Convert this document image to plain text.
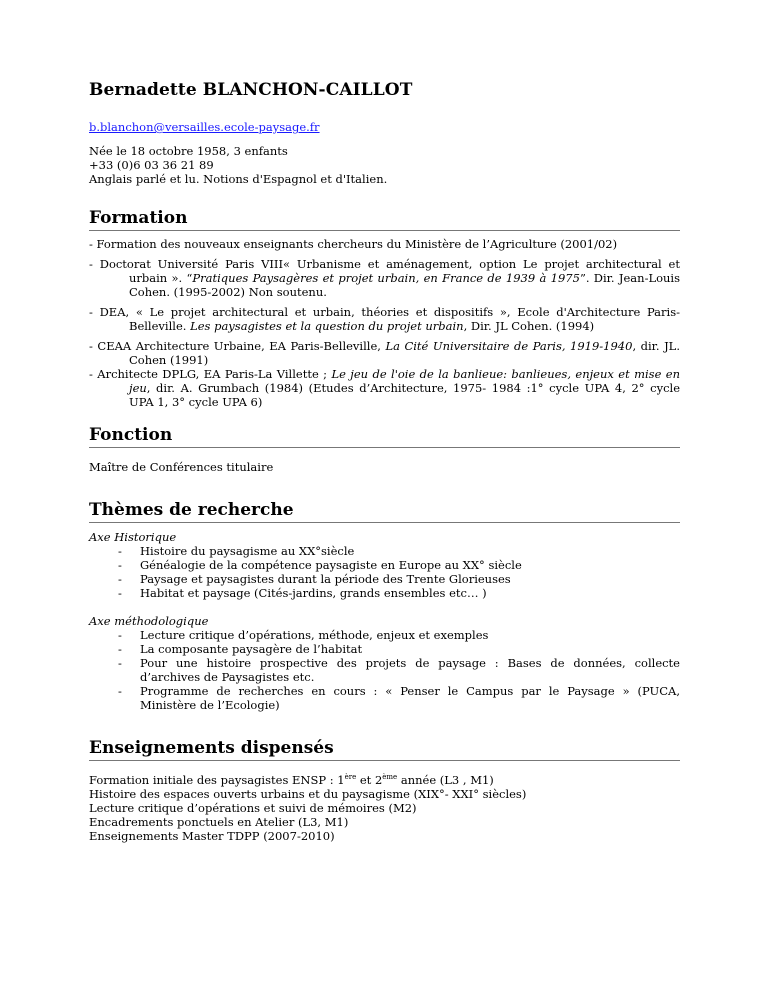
Bernadette BLANCHON-CAILLOT
b.blanchon@versailles.ecole-paysage.fr
Née le 18 octobre 1958, 3 enfants
+33 (0)6 03 36 21 89
Anglais parlé et lu. Notions d'Espagnol et d'Italien.
Formation

- Formation des nouveaux enseignants chercheurs du Ministère de l’Agriculture (2001/02)

- Doctorat Université Paris VIII« Urbanisme et aménagement, option Le projet architectural et urbain ». “Pratiques Paysagères et projet urbain, en France de 1939 à 1975”. Dir. Jean-Louis Cohen. (1995-2002) Non soutenu.

- DEA, « Le projet architectural et urbain, théories et dispositifs », Ecole d'Architecture Paris-Belleville. Les paysagistes et la question du projet urbain, Dir. JL Cohen. (1994)

- CEAA Architecture Urbaine, EA Paris-Belleville, La Cité Universitaire de Paris, 1919-1940, dir. JL. Cohen (1991)

- Architecte DPLG, EA Paris-La Villette ; Le jeu de l'oie de la banlieue: banlieues, enjeux et mise en jeu, dir. A. Grumbach (1984) (Etudes d’Architecture, 1975- 1984 :1° cycle UPA 4, 2° cycle UPA 1, 3° cycle UPA 6)

Fonction

Maître de Conférences titulaire

Thèmes de recherche

Axe Historique

- Histoire du paysagisme au XX°siècle
- Généalogie de la compétence paysagiste en Europe au XX° siècle
- Paysage et paysagistes durant la période des Trente Glorieuses
- Habitat et paysage (Cités-jardins, grands ensembles etc… )

Axe méthodologique

- Lecture critique d’opérations, méthode, enjeux et exemples
- La composante paysagère de l’habitat
- Pour une histoire prospective des projets de paysage : Bases de données, collecte d’archives de Paysagistes etc.
- Programme de recherches en cours : « Penser le Campus par le Paysage » (PUCA, Ministère de l’Ecologie)
Enseignements dispensés

Formation initiale des paysagistes ENSP : 1ère et 2ème année (L3 , M1)

Histoire des espaces ouverts urbains et du paysagisme (XIX°- XXI° siècles)

Lecture critique d’opérations et suivi de mémoires (M2)

Encadrements ponctuels en Atelier (L3, M1)

Enseignements Master TDPP (2007-2010)
